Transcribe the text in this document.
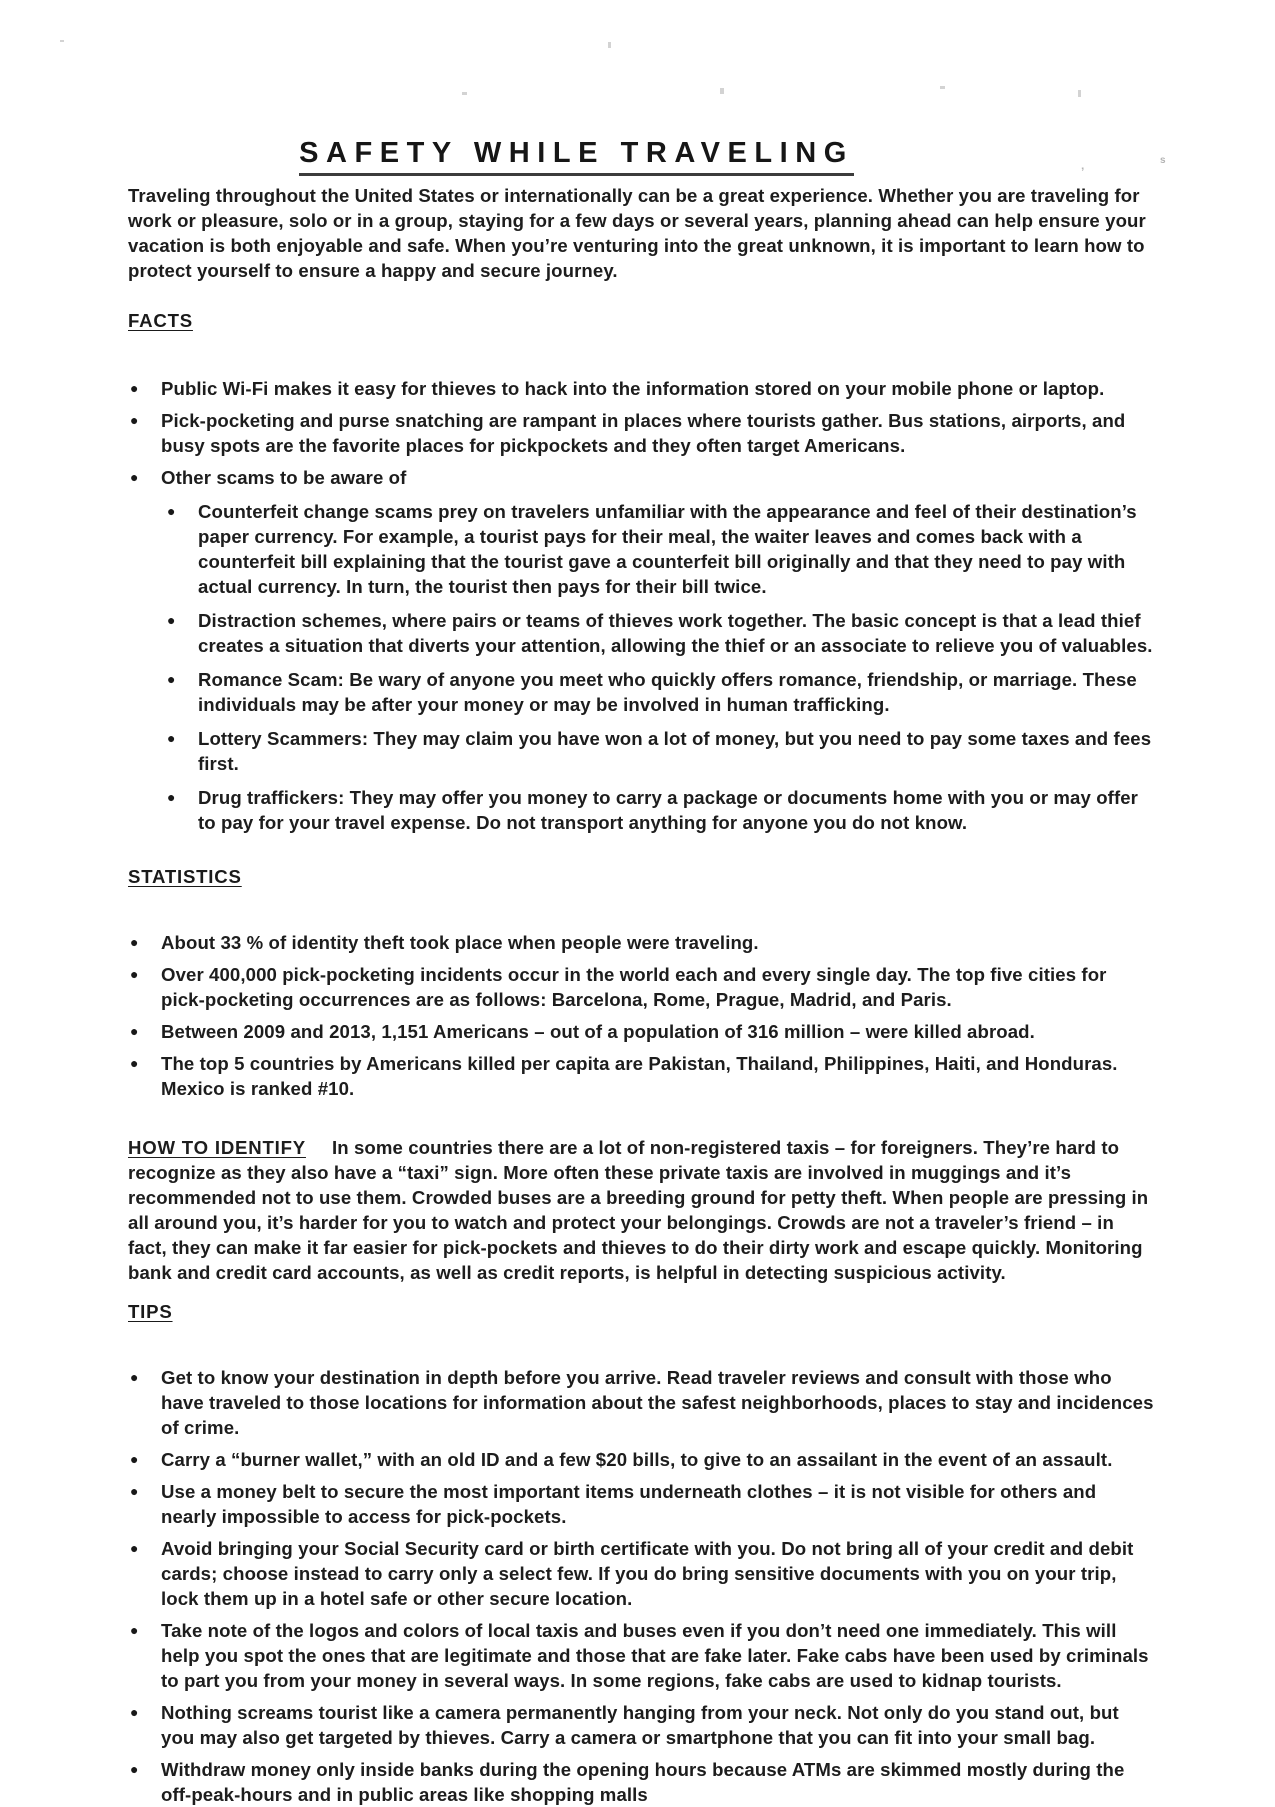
’
s
SAFETY WHILE TRAVELING

Traveling throughout the United States or internationally can be a great experience. Whether you are traveling for work or pleasure, solo or in a group, staying for a few days or several years, planning ahead can help ensure your vacation is both enjoyable and safe. When you’re venturing into the great unknown, it is important to learn how to protect yourself to ensure a happy and secure journey.

FACTS
●	Public Wi-Fi makes it easy for thieves to hack into the information stored on your mobile phone or laptop.
●	Pick-pocketing and purse snatching are rampant in places where tourists gather. Bus stations, airports, and busy spots are the favorite places for pickpockets and they often target Americans.
●	Other scams to be aware of
●	Counterfeit change scams prey on travelers unfamiliar with the appearance and feel of their destination’s paper currency. For example, a tourist pays for their meal, the waiter leaves and comes back with a counterfeit bill explaining that the tourist gave a counterfeit bill originally and that they need to pay with actual currency. In turn, the tourist then pays for their bill twice.
●	Distraction schemes, where pairs or teams of thieves work together. The basic concept is that a lead thief creates a situation that diverts your attention, allowing the thief or an associate to relieve you of valuables.
●	Romance Scam: Be wary of anyone you meet who quickly offers romance, friendship, or marriage. These individuals may be after your money or may be involved in human trafficking.
●	Lottery Scammers: They may claim you have won a lot of money, but you need to pay some taxes and fees first.
●	Drug traffickers: They may offer you money to carry a package or documents home with you or may offer to pay for your travel expense. Do not transport anything for anyone you do not know.
STATISTICS
●	About 33 % of identity theft took place when people were traveling.
●	Over 400,000 pick-pocketing incidents occur in the world each and every single day. The top five cities for pick-pocketing occurrences are as follows: Barcelona, Rome, Prague, Madrid, and Paris.
●	Between 2009 and 2013, 1,151 Americans – out of a population of 316 million – were killed abroad.
●	The top 5 countries by Americans killed per capita are Pakistan, Thailand, Philippines, Haiti, and Honduras. Mexico is ranked #10.

HOW TO IDENTIFY In some countries there are a lot of non-registered taxis – for foreigners. They’re hard to recognize as they also have a “taxi” sign. More often these private taxis are involved in muggings and it’s recommended not to use them. Crowded buses are a breeding ground for petty theft. When people are pressing in all around you, it’s harder for you to watch and protect your belongings. Crowds are not a traveler’s friend – in fact, they can make it far easier for pick-pockets and thieves to do their dirty work and escape quickly. Monitoring bank and credit card accounts, as well as credit reports, is helpful in detecting suspicious activity.

TIPS
●	Get to know your destination in depth before you arrive. Read traveler reviews and consult with those who have traveled to those locations for information about the safest neighborhoods, places to stay and incidences of crime.
●	Carry a “burner wallet,” with an old ID and a few $20 bills, to give to an assailant in the event of an assault.
●	Use a money belt to secure the most important items underneath clothes – it is not visible for others and nearly impossible to access for pick-pockets.
●	Avoid bringing your Social Security card or birth certificate with you. Do not bring all of your credit and debit cards; choose instead to carry only a select few. If you do bring sensitive documents with you on your trip, lock them up in a hotel safe or other secure location.
●	Take note of the logos and colors of local taxis and buses even if you don’t need one immediately. This will help you spot the ones that are legitimate and those that are fake later. Fake cabs have been used by criminals to part you from your money in several ways. In some regions, fake cabs are used to kidnap tourists.
●	Nothing screams tourist like a camera permanently hanging from your neck. Not only do you stand out, but you may also get targeted by thieves. Carry a camera or smartphone that you can fit into your small bag.
●	Withdraw money only inside banks during the opening hours because ATMs are skimmed mostly during the off-peak-hours and in public areas like shopping malls
